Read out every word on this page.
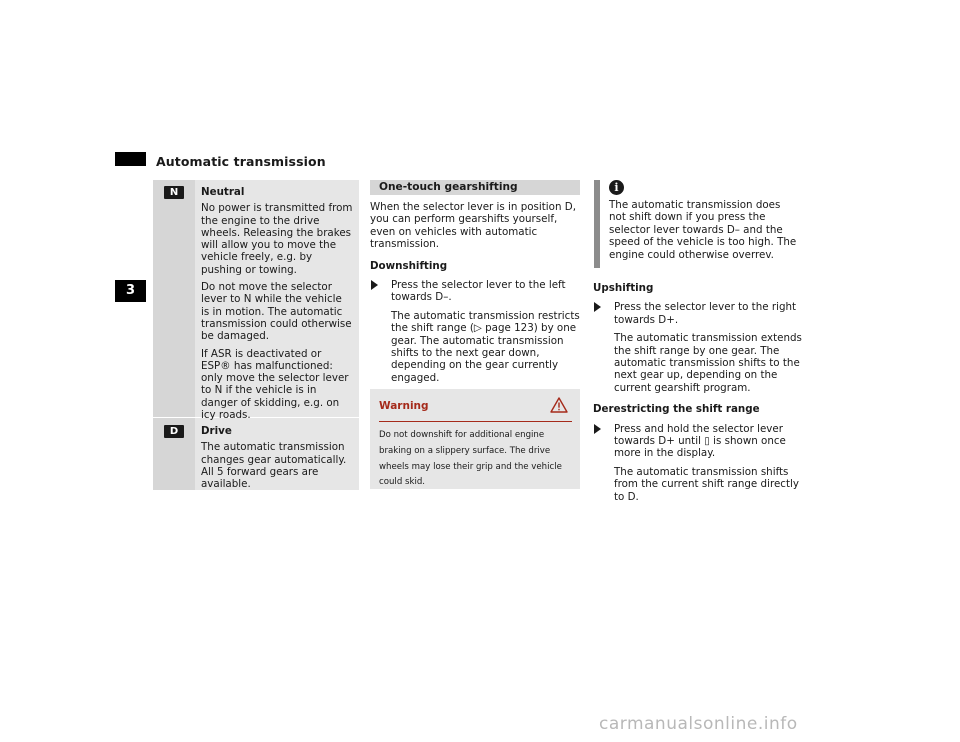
Automatic transmission
3
N
D
Neutral

No power is transmitted from the engine to the drive wheels. Releasing the brakes will allow you to move the vehicle freely, e.g. by pushing or towing.

Do not move the selector lever to N while the vehicle is in motion. The automatic transmission could otherwise be damaged.

If ASR is deactivated or ESP® has malfunctioned: only move the selector lever to N if the vehicle is in danger of skidding, e.g. on icy roads.

Drive

The automatic transmission changes gear automatically. All 5 forward gears are available.

One-touch gearshifting

When the selector lever is in position D, you can perform gearshifts yourself, even on vehicles with automatic transmission.

Downshifting

Press the selector lever to the left towards D–.

The automatic transmission restricts the shift range (▷ page 123) by one gear. The automatic transmission shifts to the next gear down, depending on the gear currently engaged.

Warning
Do not downshift for additional engine braking on a slippery surface. The drive wheels may lose their grip and the vehicle could skid.
i
The automatic transmission does not shift down if you press the selector lever towards D– and the speed of the vehicle is too high. The engine could otherwise overrev.

Upshifting

Press the selector lever to the right towards D+.

The automatic transmission extends the shift range by one gear. The automatic transmission shifts to the next gear up, depending on the current gearshift program.

Derestricting the shift range

Press and hold the selector lever towards D+ until ▯ is shown once more in the display.

The automatic transmission shifts from the current shift range directly to D.

carmanualsonline.info
